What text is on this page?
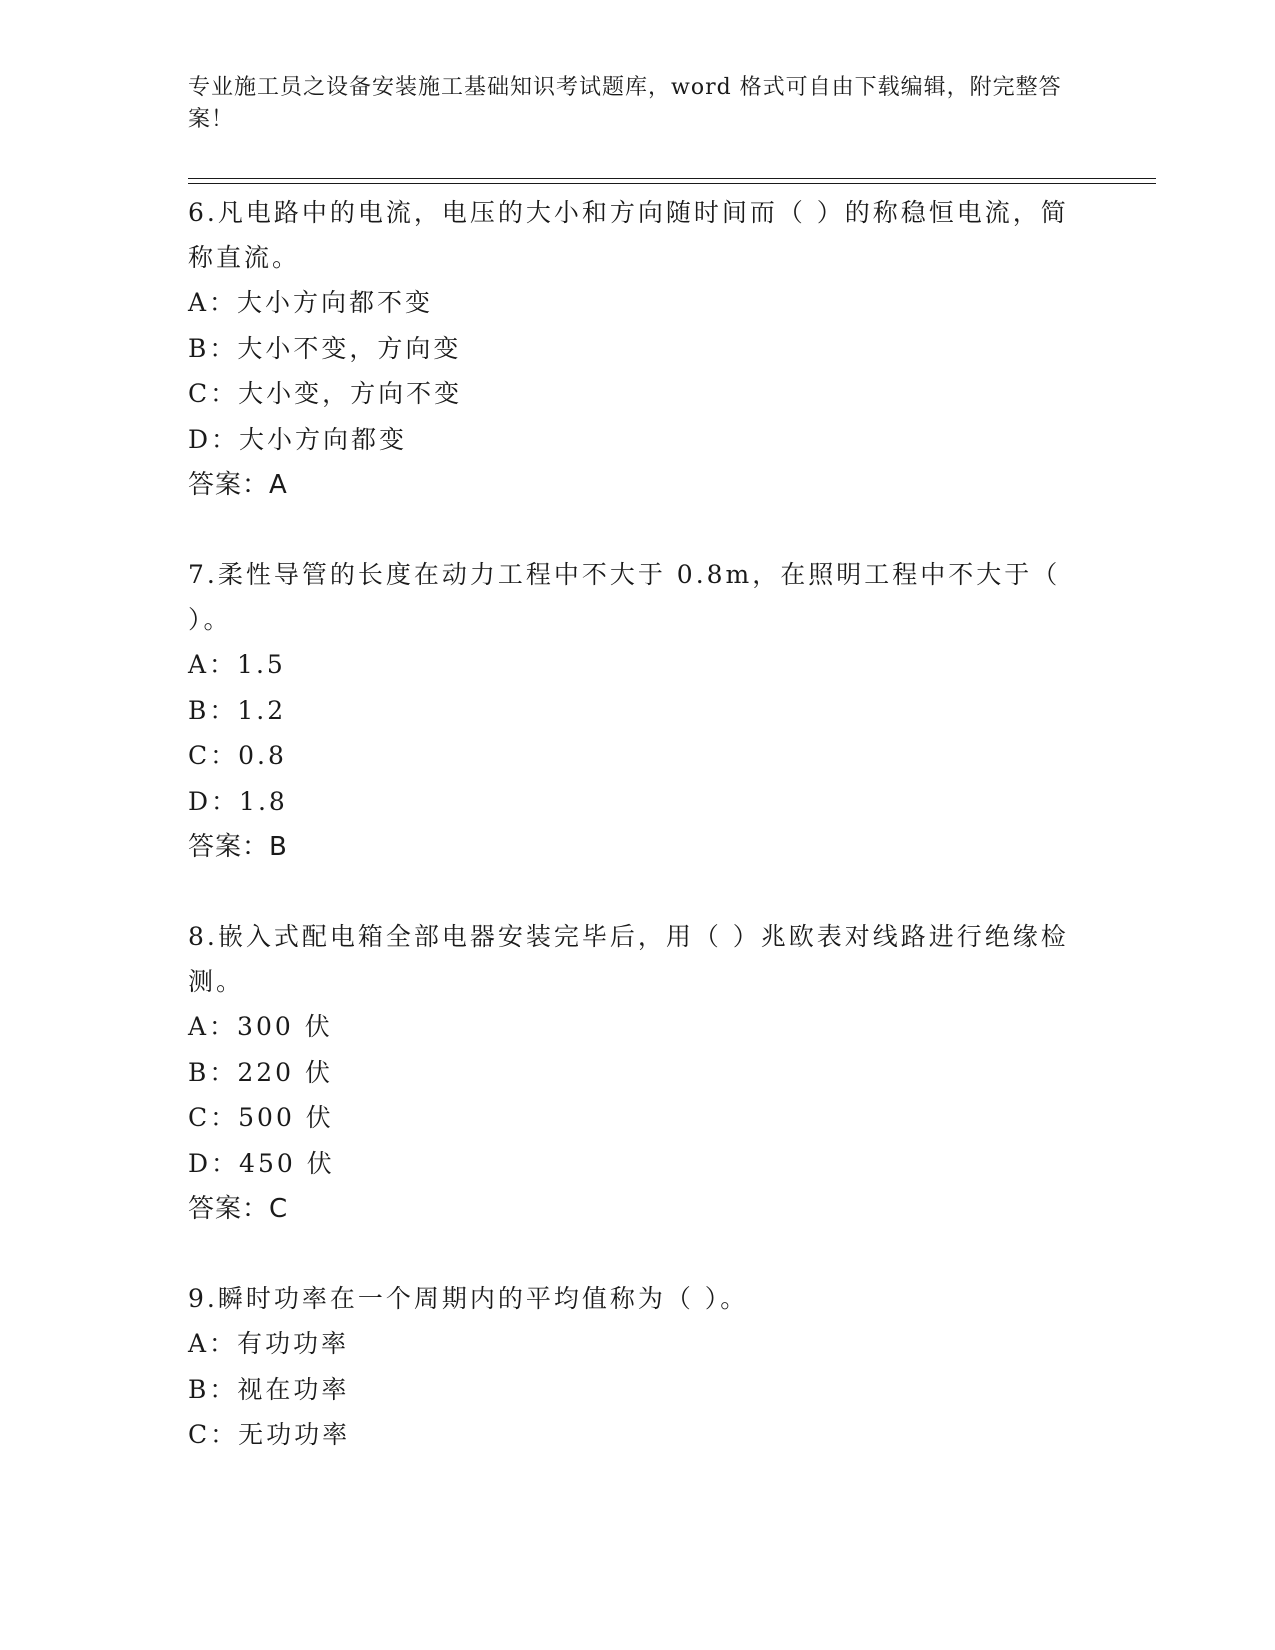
专业施工员之设备安装施工基础知识考试题库，word 格式可自由下载编辑，附完整答案！
6.凡电路中的电流，电压的大小和方向随时间而（ ）的称稳恒电流，简称直流。
A：大小方向都不变
B：大小不变，方向变
C：大小变，方向不变
D：大小方向都变
答案：A
7.柔性导管的长度在动力工程中不大于 0.8m，在照明工程中不大于（ ）。
A：1.5
B：1.2
C：0.8
D：1.8
答案：B
8.嵌入式配电箱全部电器安装完毕后，用（ ）兆欧表对线路进行绝缘检测。
A：300 伏
B：220 伏
C：500 伏
D：450 伏
答案：C
9.瞬时功率在一个周期内的平均值称为（ ）。
A：有功功率
B：视在功率
C：无功功率
